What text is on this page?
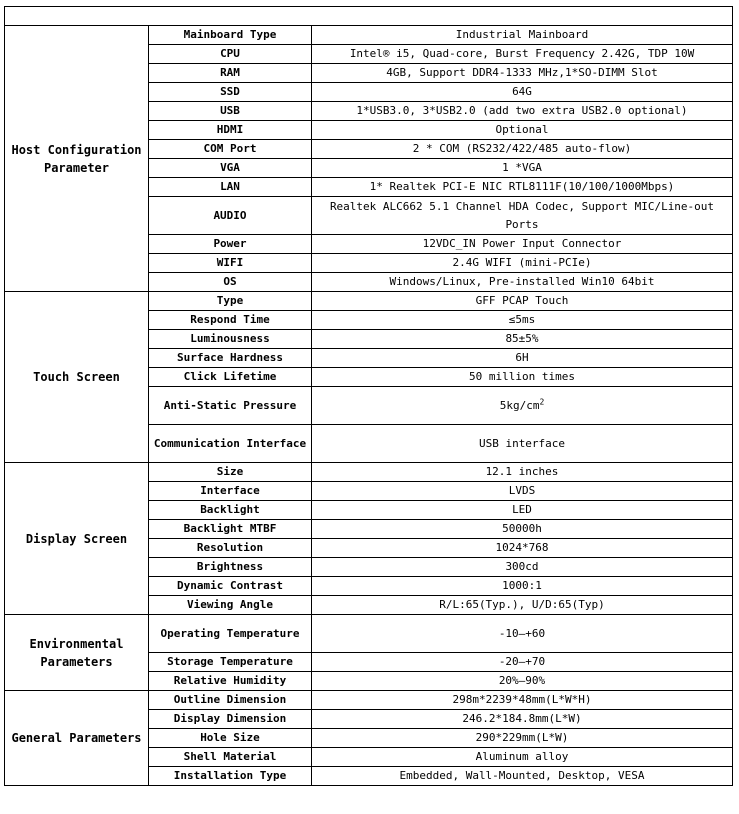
Host Configuration Parameter	Mainboard Type	Industrial Mainboard
	CPU	Intel® i5, Quad-core, Burst Frequency 2.42G, TDP 10W
	RAM	4GB, Support DDR4-1333 MHz,1*SO-DIMM Slot
	SSD	64G
	USB	1*USB3.0, 3*USB2.0 (add two extra USB2.0 optional)
	HDMI	Optional
	COM Port	2 * COM (RS232/422/485 auto-flow)
	VGA	1 *VGA
	LAN	1* Realtek PCI-E NIC RTL8111F(10/100/1000Mbps)
	AUDIO	Realtek ALC662 5.1 Channel HDA Codec, Support MIC/Line-out Ports
	Power	12VDC_IN Power Input Connector
	WIFI	2.4G WIFI (mini-PCIe)
	OS	Windows/Linux, Pre-installed Win10 64bit
Touch Screen	Type	GFF PCAP Touch
	Respond Time	≤5ms
	Luminousness	85±5%
	Surface Hardness	6H
	Click Lifetime	50 million times
	Anti-Static Pressure	$5kg/cm^2$
	Communication Interface	USB interface
Display Screen	Size	12.1 inches
	Interface	LVDS
	Backlight	LED
	Backlight MTBF	50000h
	Resolution	1024*768
	Brightness	300cd
	Dynamic Contrast	1000:1
	Viewing Angle	R/L:65(Typ.), U/D:65(Typ)
Environmental Parameters	Operating Temperature	-10—+60
	Storage Temperature	-20—+70
	Relative Humidity	20%—90%
General Parameters	Outline Dimension	298m*2239*48mm(L*W*H)
	Display Dimension	246.2*184.8mm(L*W)
	Hole Size	290*229mm(L*W)
	Shell Material	Aluminum alloy
	Installation Type	Embedded, Wall-Mounted, Desktop, VESA
